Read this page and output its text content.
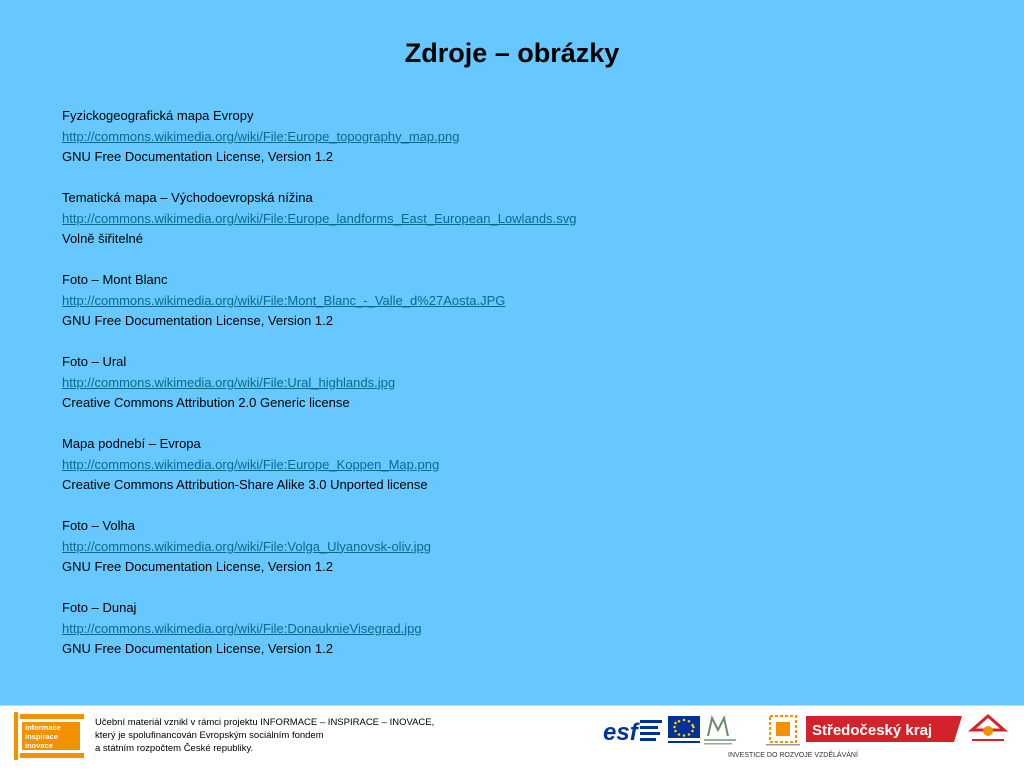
Zdroje – obrázky
Fyzickogeografická mapa Evropy
http://commons.wikimedia.org/wiki/File:Europe_topography_map.png
GNU Free Documentation License, Version 1.2
Tematická mapa – Východoevropská nížina
http://commons.wikimedia.org/wiki/File:Europe_landforms_East_European_Lowlands.svg
Volně šiřitelné
Foto – Mont Blanc
http://commons.wikimedia.org/wiki/File:Mont_Blanc_-_Valle_d%27Aosta.JPG
GNU Free Documentation License, Version 1.2
Foto – Ural
http://commons.wikimedia.org/wiki/File:Ural_highlands.jpg
Creative Commons Attribution 2.0 Generic license
Mapa podnebí – Evropa
http://commons.wikimedia.org/wiki/File:Europe_Koppen_Map.png
Creative Commons Attribution-Share Alike 3.0 Unported license
Foto – Volha
http://commons.wikimedia.org/wiki/File:Volga_Ulyanovsk-oliv.jpg
GNU Free Documentation License, Version 1.2
Foto – Dunaj
http://commons.wikimedia.org/wiki/File:DonauknieVisegrad.jpg
GNU Free Documentation License, Version 1.2
informace
inspirace
inovace
Učební materiál vznikl v rámci projektu INFORMACE – INSPIRACE – INOVACE,
který je spolufinancován Evropským sociálním fondem
a státním rozpočtem České republiky.
esf	Středočeský kraj
INVESTICE DO ROZVOJE VZDĚLÁVÁNÍ
